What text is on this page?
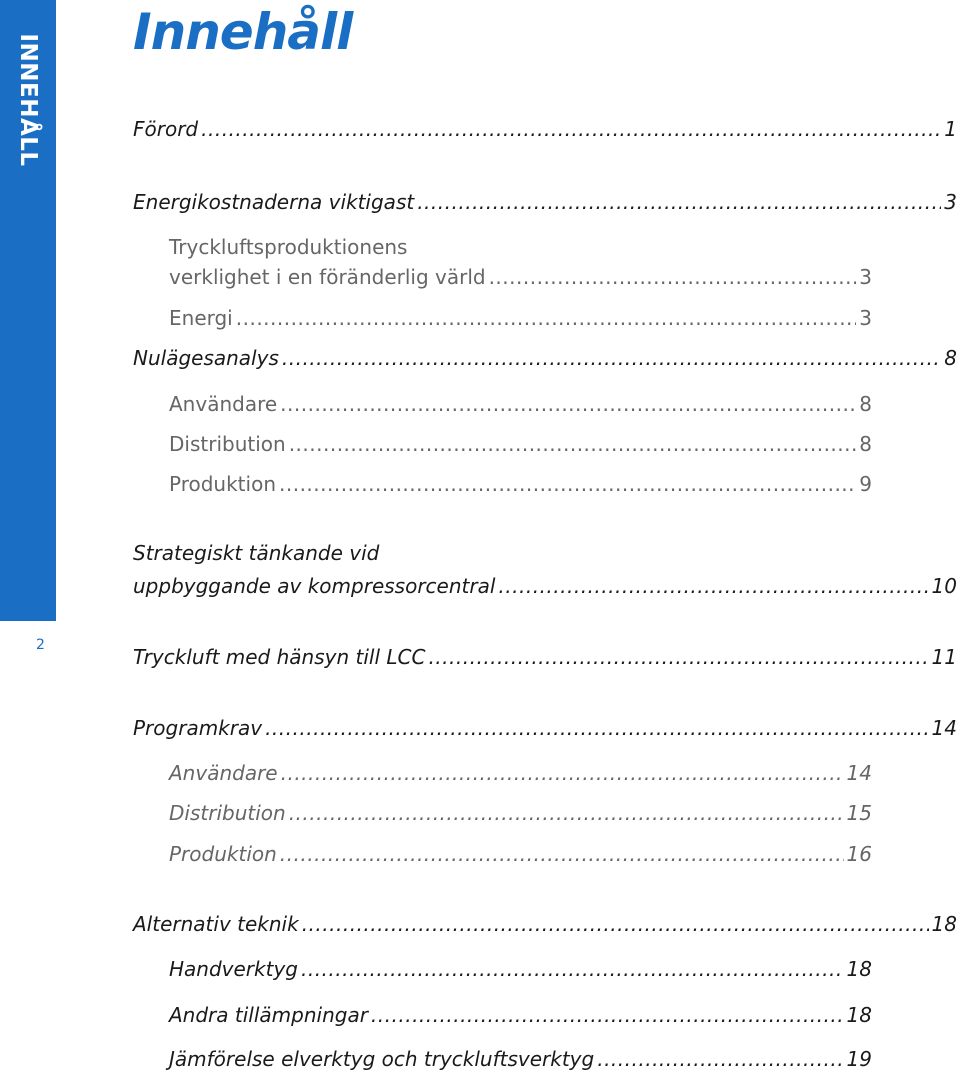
INNEHÅLL
2
Innehåll
Förord .....	1
Energikostnaderna viktigast .....	3
Tryckluftsproduktionens
verklighet i en föränderlig värld .....	3
Energi .....	3
Nulägesanalys .....	8
Användare .....	8
Distribution .....	8
Produktion .....	9
Strategiskt tänkande vid
uppbyggande av kompressorcentral .....	10
Tryckluft med hänsyn till LCC .....	11
Programkrav .....	14
Användare .....	14
Distribution .....	15
Produktion .....	16
Alternativ teknik .....	18
Handverktyg .....	18
Andra tillämpningar .....	18
Jämförelse elverktyg och tryckluftsverktyg .....	19
